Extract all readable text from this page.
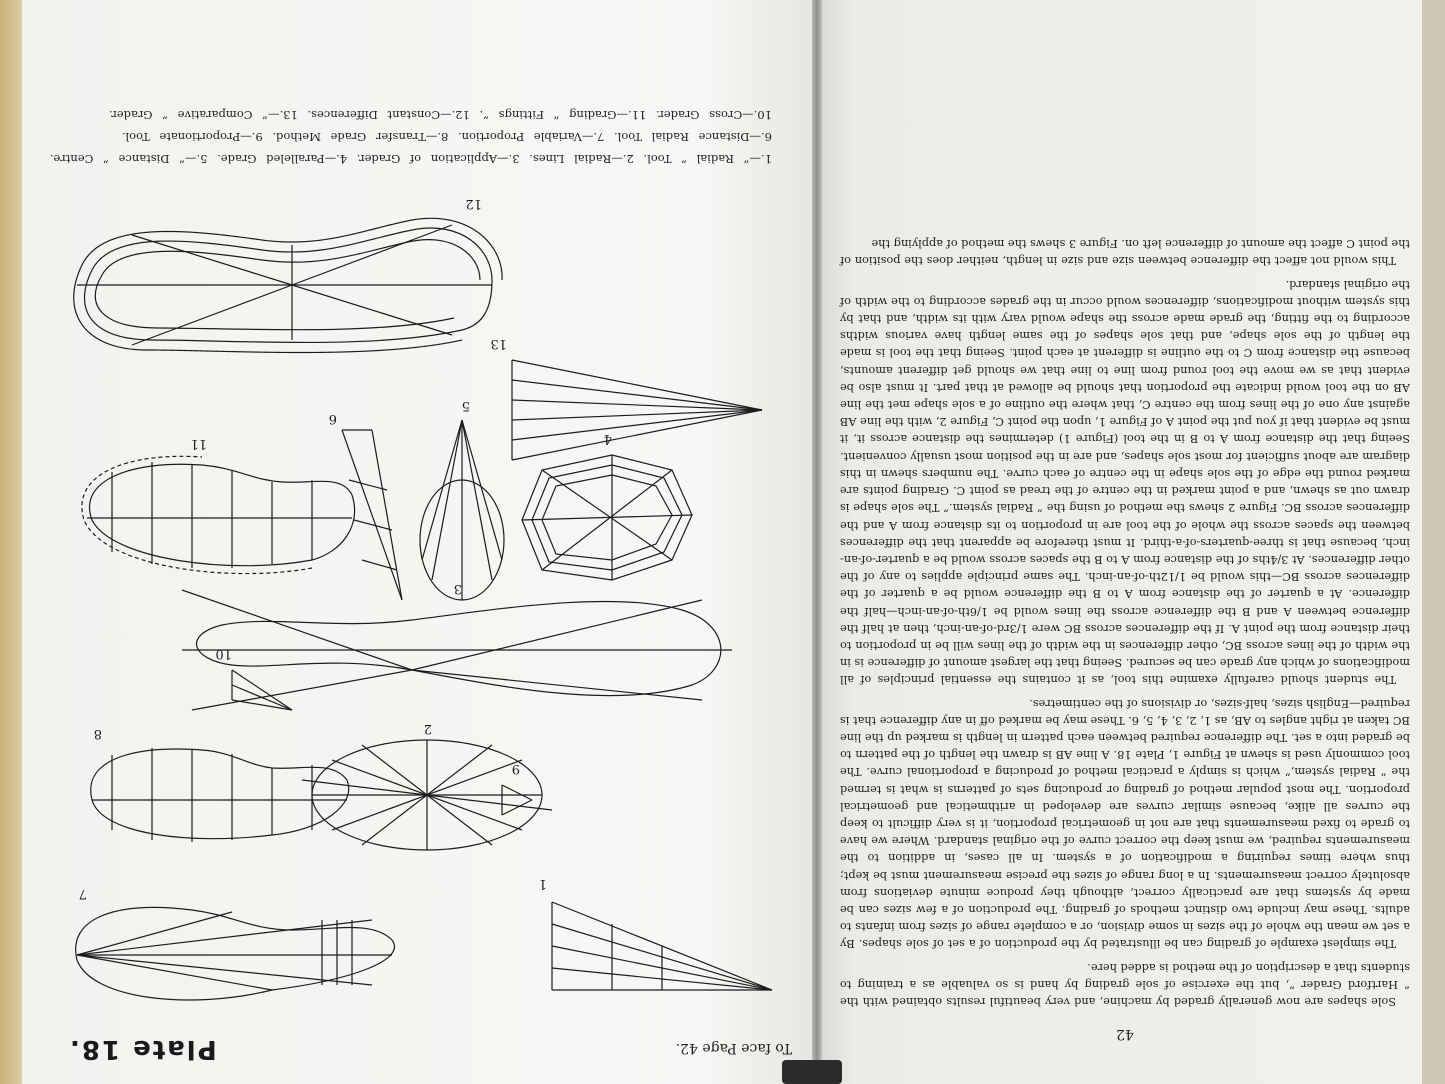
Plate 18.	To face Page 42.
1
2
3
4
5
6
7
8
9
10
11
12
13
1.—“ Radial ” Tool. 2.—Radial Lines. 3.—Application of Grader. 4.—Paralleled Grade. 5.—“ Distance ” Centre.
6.—Distance Radial Tool. 7.—Variable Proportion. 8.—Transfer Grade Method. 9.—Proportionate Tool.
10.—Cross Grader. 11.—Grading “ Fittings ”. 12.—Constant Differences. 13.—“ Comparative ” Grader.
42

Sole shapes are now generally graded by machine, and very beautiful results obtained with the “ Hartford Grader ”, but the exercise of sole grading by hand is so valuable as a training to students that a description of the method is added here.

The simplest example of grading can be illustrated by the production of a set of sole shapes. By a set we mean the whole of the sizes in some division, or a complete range of sizes from infants to adults. These may include two distinct methods of grading. The production of a few sizes can be made by systems that are practically correct, although they produce minute deviations from absolutely correct measurements. In a long range of sizes the precise measurement must be kept; thus where times requiring a modification of a system. In all cases, in addition to the measurements required, we must keep the correct curve of the original standard. Where we have to grade to fixed measurements that are not in geometrical proportion, it is very difficult to keep the curves all alike, because similar curves are developed in arithmetical and geometrical proportion. The most popular method of grading or producing sets of patterns is what is termed the “ Radial system,” which is simply a practical method of producing a proportional curve. The tool commonly used is shewn at Figure 1, Plate 18. A line AB is drawn the length of the pattern to be graded into a set. The difference required between each pattern in length is marked up the line BC taken at right angles to AB, as 1, 2, 3, 4, 5, 6. These may be marked off in any difference that is required—English sizes, half-sizes, or divisions of the centimetres.

The student should carefully examine this tool, as it contains the essential principles of all modifications of which any grade can be secured. Seeing that the largest amount of difference is in the width of the lines across BC, other differences in the width of the lines will be in proportion to their distance from the point A. If the differences across BC were 1/3rd-of-an-inch, then at half the difference between A and B the difference across the lines would be 1/6th-of-an-inch—half the difference. At a quarter of the distance from A to B the difference would be a quarter of the differences across BC—this would be 1/12th-of-an-inch. The same principle applies to any of the other differences. At 3/4ths of the distance from A to B the spaces across would be a quarter-of-an-inch, because that is three-quarters-of-a-third. It must therefore be apparent that the differences between the spaces across the whole of the tool are in proportion to its distance from A and the differences across BC. Figure 2 shews the method of using the “ Radial system.” The sole shape is drawn out as shewn, and a point marked in the centre of the tread as point C. Grading points are marked round the edge of the sole shape in the centre of each curve. The numbers shewn in this diagram are about sufficient for most sole shapes, and are in the position most usually convenient. Seeing that the distance from A to B in the tool (Figure 1) determines the distance across it, it must be evident that if you put the point A of Figure 1, upon the point C, Figure 2, with the line AB against any one of the lines from the centre C, that where the outline of a sole shape met the line AB on the tool would indicate the proportion that should be allowed at that part. It must also be evident that as we move the tool round from line to line that we should get different amounts, because the distance from C to the outline is different at each point. Seeing that the tool is made the length of the sole shape, and that sole shapes of the same length have various widths according to the fitting, the grade made across the shape would vary with its width, and that by this system without modifications, differences would occur in the grades according to the width of the original standard.

This would not affect the difference between size and size in length, neither does the position of the point C affect the amount of difference left on. Figure 3 shews the method of applying the
